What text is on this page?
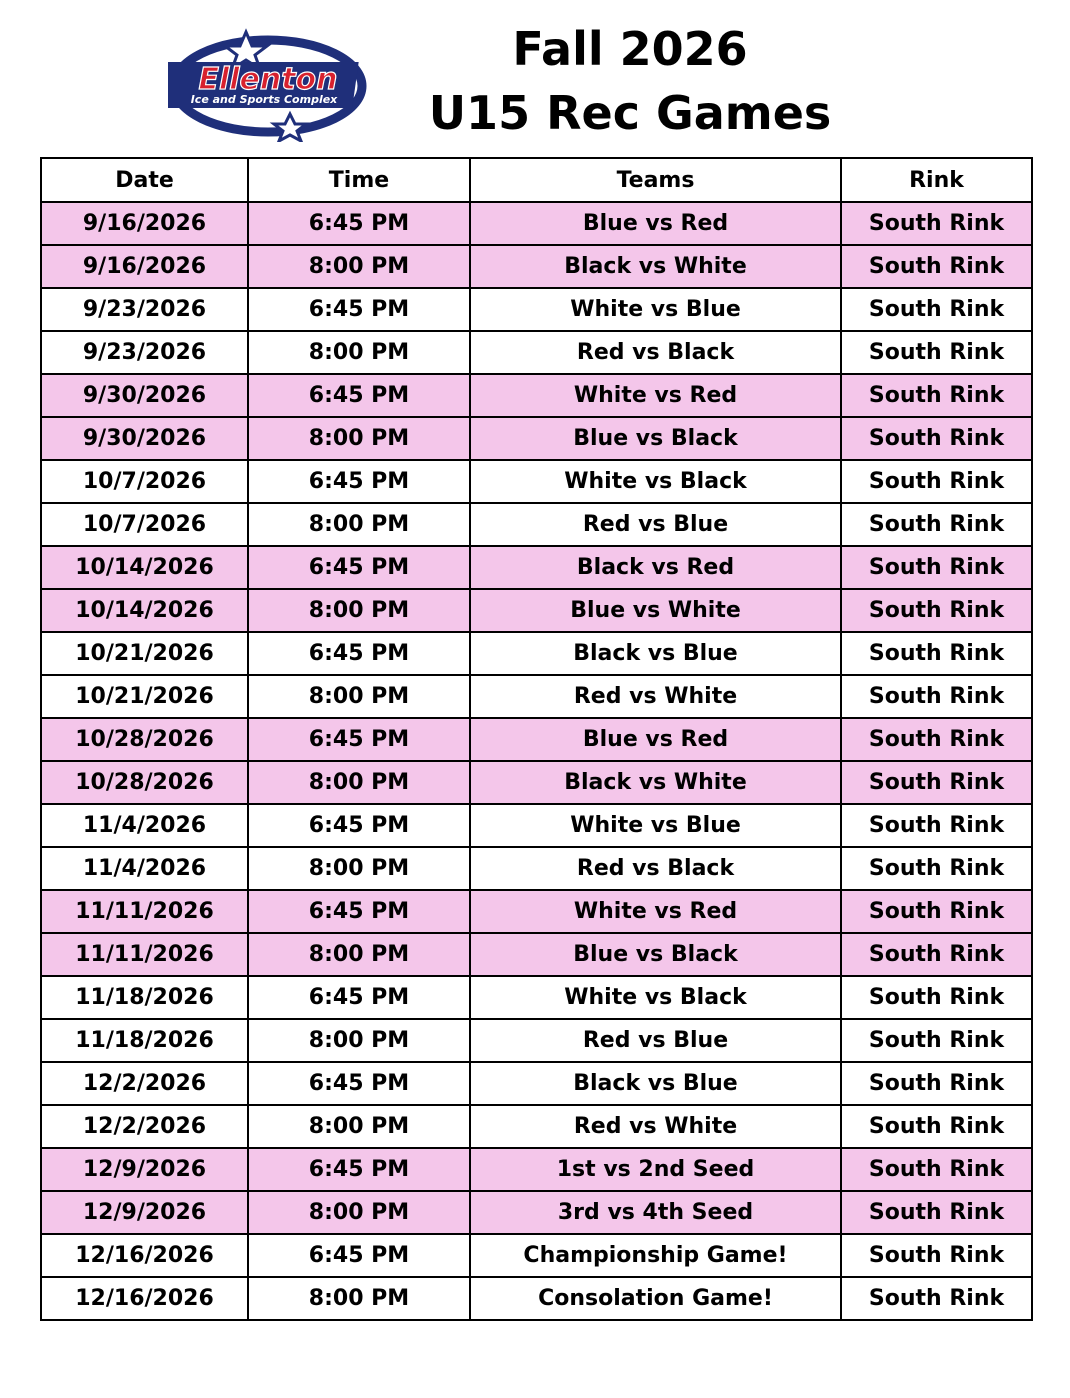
Ellenton
Ice and Sports Complex
Fall 2026
U15 Rec Games
Date	Time	Teams	Rink
9/16/2026	6:45 PM	Blue vs Red	South Rink
9/16/2026	8:00 PM	Black vs White	South Rink
9/23/2026	6:45 PM	White vs Blue	South Rink
9/23/2026	8:00 PM	Red vs Black	South Rink
9/30/2026	6:45 PM	White vs Red	South Rink
9/30/2026	8:00 PM	Blue vs Black	South Rink
10/7/2026	6:45 PM	White vs Black	South Rink
10/7/2026	8:00 PM	Red vs Blue	South Rink
10/14/2026	6:45 PM	Black vs Red	South Rink
10/14/2026	8:00 PM	Blue vs White	South Rink
10/21/2026	6:45 PM	Black vs Blue	South Rink
10/21/2026	8:00 PM	Red vs White	South Rink
10/28/2026	6:45 PM	Blue vs Red	South Rink
10/28/2026	8:00 PM	Black vs White	South Rink
11/4/2026	6:45 PM	White vs Blue	South Rink
11/4/2026	8:00 PM	Red vs Black	South Rink
11/11/2026	6:45 PM	White vs Red	South Rink
11/11/2026	8:00 PM	Blue vs Black	South Rink
11/18/2026	6:45 PM	White vs Black	South Rink
11/18/2026	8:00 PM	Red vs Blue	South Rink
12/2/2026	6:45 PM	Black vs Blue	South Rink
12/2/2026	8:00 PM	Red vs White	South Rink
12/9/2026	6:45 PM	1st vs 2nd Seed	South Rink
12/9/2026	8:00 PM	3rd vs 4th Seed	South Rink
12/16/2026	6:45 PM	Championship Game!	South Rink
12/16/2026	8:00 PM	Consolation Game!	South Rink
